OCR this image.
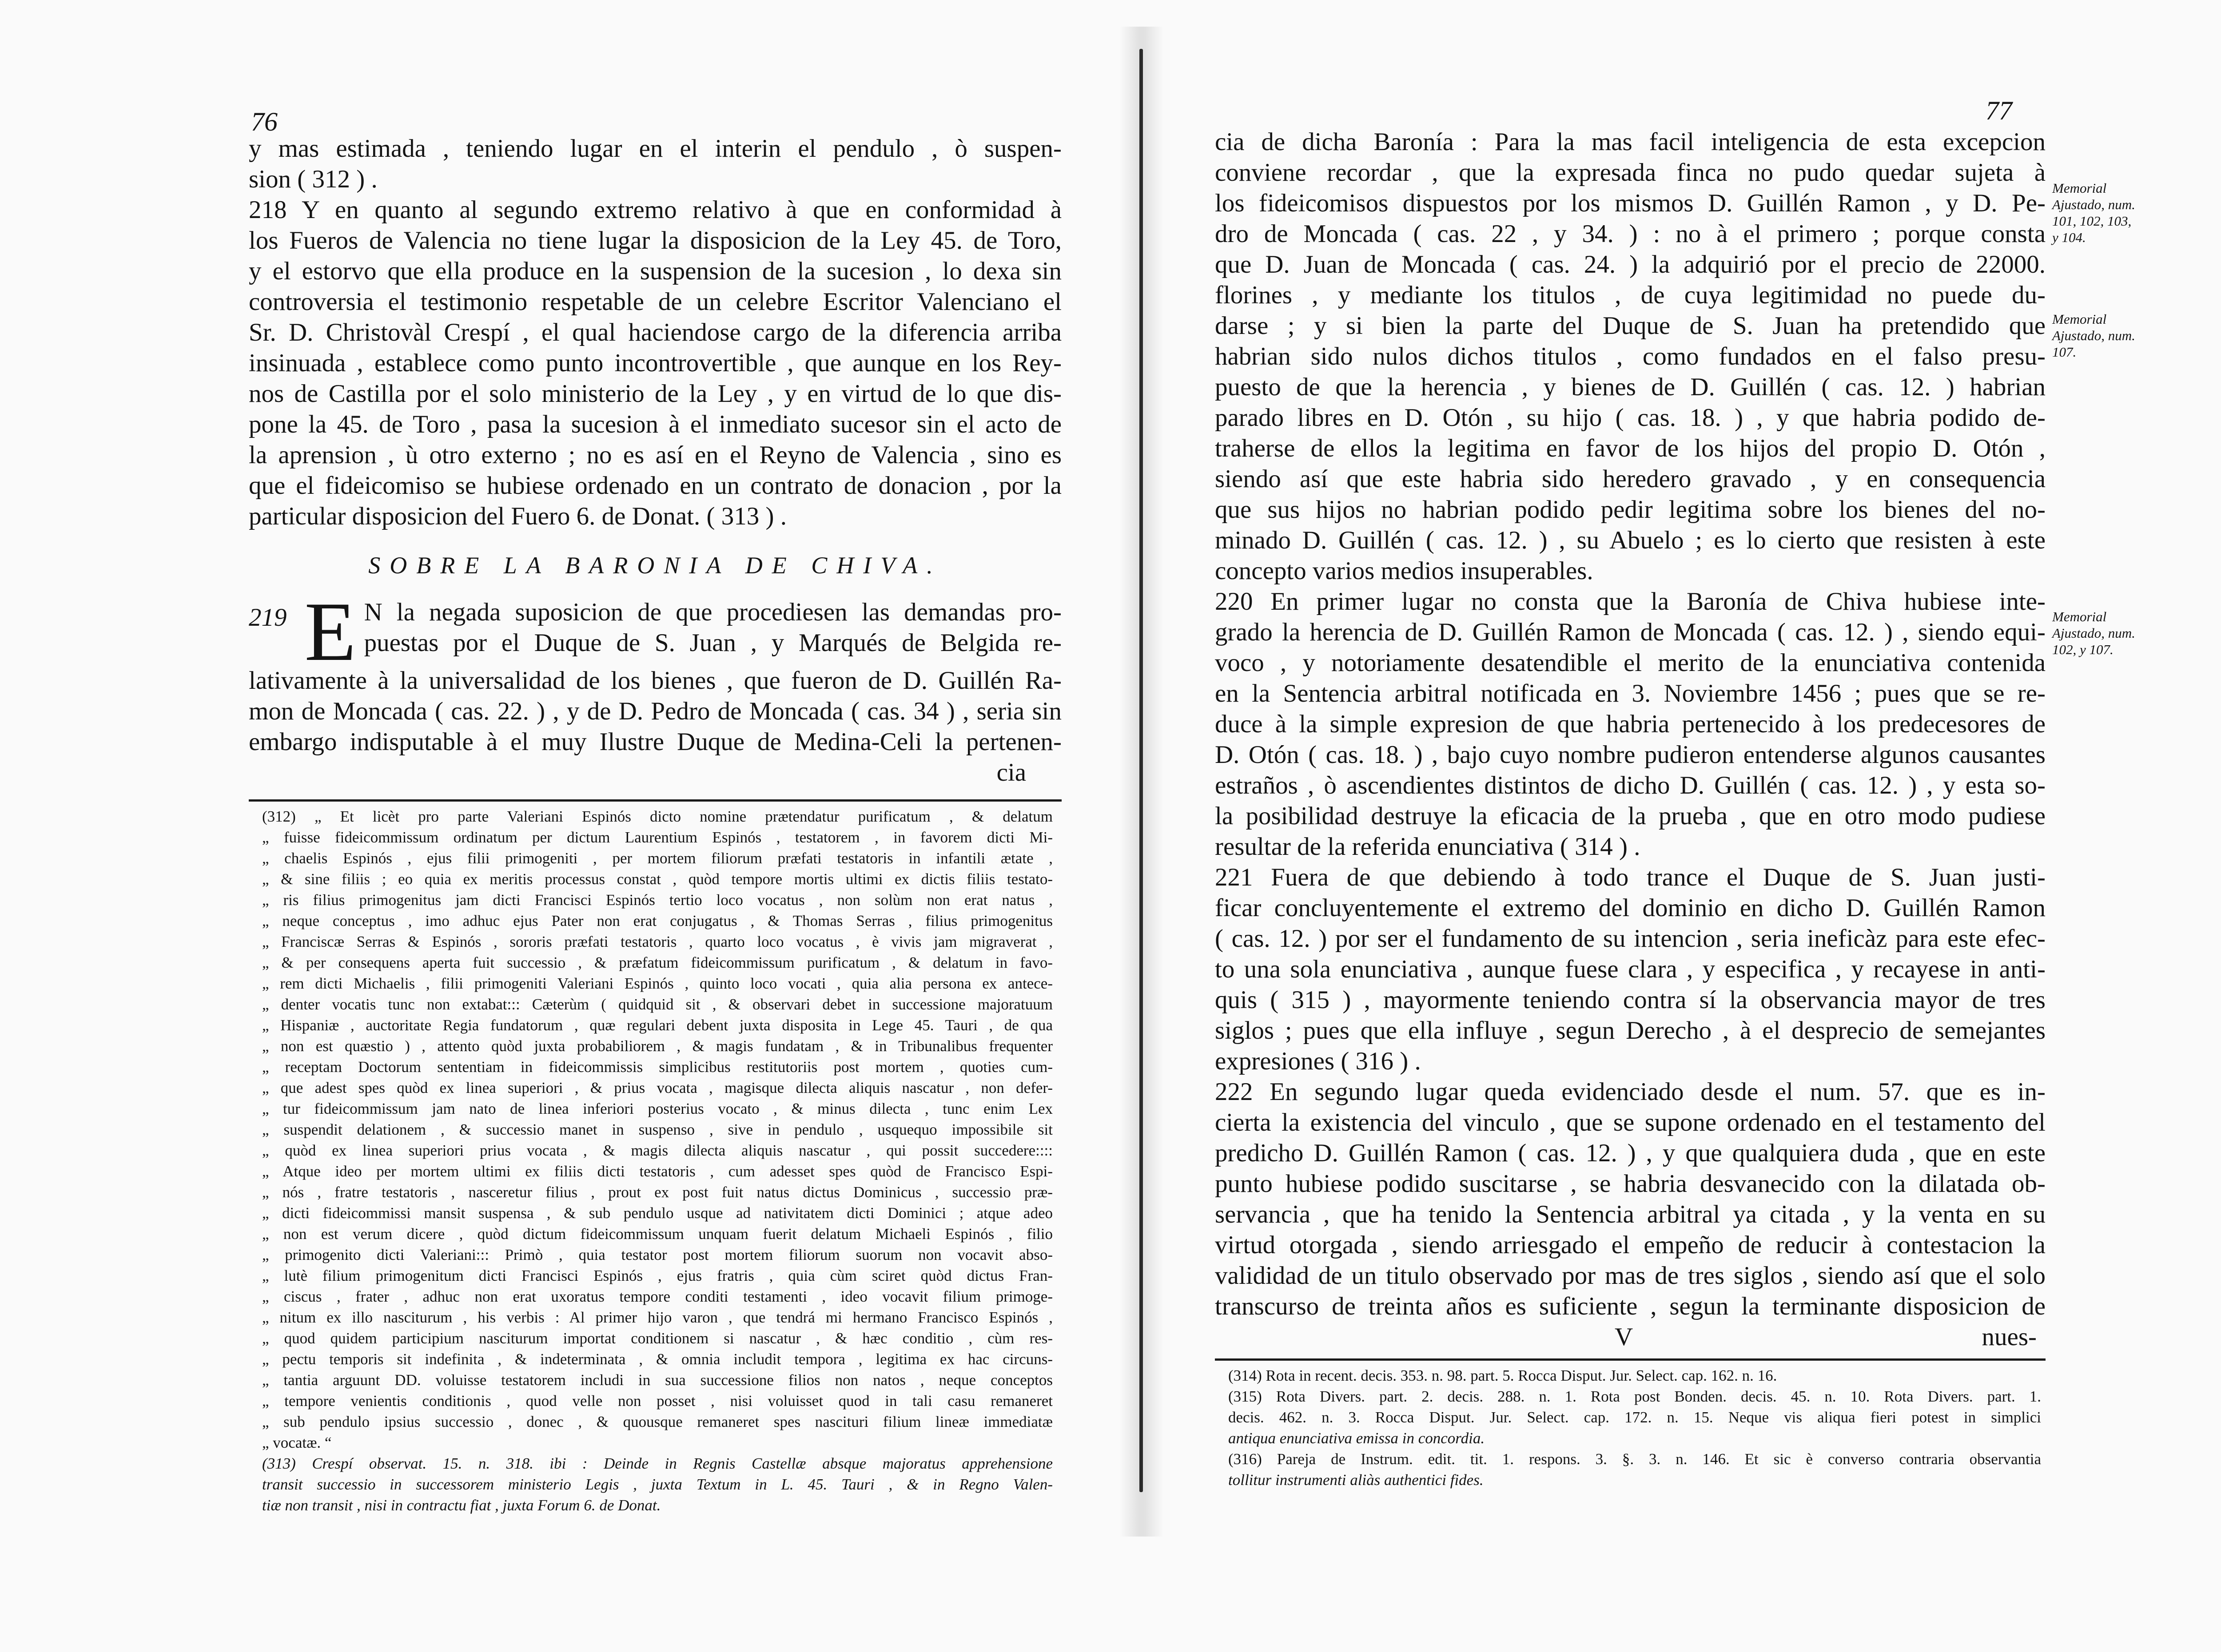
76

y mas estimada , teniendo lugar en el interin el pendulo , ò suspen-
sion ( 312 ) .

218 Y en quanto al segundo extremo relativo à que en conformidad à
los Fueros de Valencia no tiene lugar la disposicion de la Ley 45. de Toro,
y el estorvo que ella produce en la suspension de la sucesion , lo dexa sin
controversia el testimonio respetable de un celebre Escritor Valenciano el
Sr. D. Christovàl Crespí , el qual haciendose cargo de la diferencia arriba
insinuada , establece como punto incontrovertible , que aunque en los Rey-
nos de Castilla por el solo ministerio de la Ley , y en virtud de lo que dis-
pone la 45. de Toro , pasa la sucesion à el inmediato sucesor sin el acto de
la aprension , ù otro externo ; no es así en el Reyno de Valencia , sino es
que el fideicomiso se hubiese ordenado en un contrato de donacion , por la
particular disposicion del Fuero 6. de Donat. ( 313 ) .

SOBRE LA BARONIA DE CHIVA.

219 E N la negada suposicion de que procediesen las demandas pro-
puestas por el Duque de S. Juan , y Marqués de Belgida re-
lativamente à la universalidad de los bienes , que fueron de D. Guillén Ra-
mon de Moncada ( cas. 22. ) , y de D. Pedro de Moncada ( cas. 34 ) , seria sin
embargo indisputable à el muy Ilustre Duque de Medina-Celi la pertenen-
cia

(312) „ Et licèt pro parte Valeriani Espinós dicto nomine prætendatur purificatum , & delatum
„ fuisse fideicommissum ordinatum per dictum Laurentium Espinós , testatorem , in favorem dicti Mi-
„ chaelis Espinós , ejus filii primogeniti , per mortem filiorum præfati testatoris in infantili ætate ,
„ & sine filiis ; eo quia ex meritis processus constat , quòd tempore mortis ultimi ex dictis filiis testato-
„ ris filius primogenitus jam dicti Francisci Espinós tertio loco vocatus , non solùm non erat natus ,
„ neque conceptus , imo adhuc ejus Pater non erat conjugatus , & Thomas Serras , filius primogenitus
„ Franciscæ Serras & Espinós , sororis præfati testatoris , quarto loco vocatus , è vivis jam migraverat ,
„ & per consequens aperta fuit successio , & præfatum fideicommissum purificatum , & delatum in favo-
„ rem dicti Michaelis , filii primogeniti Valeriani Espinós , quinto loco vocati , quia alia persona ex antece-
„ denter vocatis tunc non extabat::: Cæterùm ( quidquid sit , & observari debet in successione majoratuum
„ Hispaniæ , auctoritate Regia fundatorum , quæ regulari debent juxta disposita in Lege 45. Tauri , de qua
„ non est quæstio ) , attento quòd juxta probabiliorem , & magis fundatam , & in Tribunalibus frequenter
„ receptam Doctorum sententiam in fideicommissis simplicibus restitutoriis post mortem , quoties cum-
„ que adest spes quòd ex linea superiori , & prius vocata , magisque dilecta aliquis nascatur , non defer-
„ tur fideicommissum jam nato de linea inferiori posterius vocato , & minus dilecta , tunc enim Lex
„ suspendit delationem , & successio manet in suspenso , sive in pendulo , usquequo impossibile sit
„ quòd ex linea superiori prius vocata , & magis dilecta aliquis nascatur , qui possit succedere::::
„ Atque ideo per mortem ultimi ex filiis dicti testatoris , cum adesset spes quòd de Francisco Espi-
„ nós , fratre testatoris , nasceretur filius , prout ex post fuit natus dictus Dominicus , successio præ-
„ dicti fideicommissi mansit suspensa , & sub pendulo usque ad nativitatem dicti Dominici ; atque adeo
„ non est verum dicere , quòd dictum fideicommissum unquam fuerit delatum Michaeli Espinós , filio
„ primogenito dicti Valeriani::: Primò , quia testator post mortem filiorum suorum non vocavit abso-
„ lutè filium primogenitum dicti Francisci Espinós , ejus fratris , quia cùm sciret quòd dictus Fran-
„ ciscus , frater , adhuc non erat uxoratus tempore conditi testamenti , ideo vocavit filium primoge-
„ nitum ex illo nasciturum , his verbis : Al primer hijo varon , que tendrá mi hermano Francisco Espinós ,
„ quod quidem participium nasciturum importat conditionem si nascatur , & hæc conditio , cùm res-
„ pectu temporis sit indefinita , & indeterminata , & omnia includit tempora , legitima ex hac circuns-
„ tantia arguunt DD. voluisse testatorem includi in sua successione filios non natos , neque conceptos
„ tempore venientis conditionis , quod velle non posset , nisi voluisset quod in tali casu remaneret
„ sub pendulo ipsius successio , donec , & quousque remaneret spes nascituri filium lineæ immediatæ
„ vocatæ. “
(313) Crespí observat. 15. n. 318. ibi : Deinde in Regnis Castellæ absque majoratus apprehensione
transit successio in successorem ministerio Legis , juxta Textum in L. 45. Tauri , & in Regno Valen-
tiæ non transit , nisi in contractu fiat , juxta Forum 6. de Donat.
77

cia de dicha Baronía : Para la mas facil inteligencia de esta excepcion
conviene recordar , que la expresada finca no pudo quedar sujeta à
los fideicomisos dispuestos por los mismos D. Guillén Ramon , y D. Pe-
dro de Moncada ( cas. 22 , y 34. ) : no à el primero ; porque consta
que D. Juan de Moncada ( cas. 24. ) la adquirió por el precio de 22000.
florines , y mediante los titulos , de cuya legitimidad no puede du-
darse ; y si bien la parte del Duque de S. Juan ha pretendido que
habrian sido nulos dichos titulos , como fundados en el falso presu-
puesto de que la herencia , y bienes de D. Guillén ( cas. 12. ) habrian
parado libres en D. Otón , su hijo ( cas. 18. ) , y que habria podido de-
traherse de ellos la legitima en favor de los hijos del propio D. Otón ,
siendo así que este habria sido heredero gravado , y en consequencia
que sus hijos no habrian podido pedir legitima sobre los bienes del no-
minado D. Guillén ( cas. 12. ) , su Abuelo ; es lo cierto que resisten à este
concepto varios medios insuperables.

220 En primer lugar no consta que la Baronía de Chiva hubiese inte-
grado la herencia de D. Guillén Ramon de Moncada ( cas. 12. ) , siendo equi-
voco , y notoriamente desatendible el merito de la enunciativa contenida
en la Sentencia arbitral notificada en 3. Noviembre 1456 ; pues que se re-
duce à la simple expresion de que habria pertenecido à los predecesores de
D. Otón ( cas. 18. ) , bajo cuyo nombre pudieron entenderse algunos causantes
estraños , ò ascendientes distintos de dicho D. Guillén ( cas. 12. ) , y esta so-
la posibilidad destruye la eficacia de la prueba , que en otro modo pudiese
resultar de la referida enunciativa ( 314 ) .

221 Fuera de que debiendo à todo trance el Duque de S. Juan justi-
ficar concluyentemente el extremo del dominio en dicho D. Guillén Ramon
( cas. 12. ) por ser el fundamento de su intencion , seria ineficàz para este efec-
to una sola enunciativa , aunque fuese clara , y especifica , y recayese in anti-
quis ( 315 ) , mayormente teniendo contra sí la observancia mayor de tres
siglos ; pues que ella influye , segun Derecho , à el desprecio de semejantes
expresiones ( 316 ) .

222 En segundo lugar queda evidenciado desde el num. 57. que es in-
cierta la existencia del vinculo , que se supone ordenado en el testamento del
predicho D. Guillén Ramon ( cas. 12. ) , y que qualquiera duda , que en este
punto hubiese podido suscitarse , se habria desvanecido con la dilatada ob-
servancia , que ha tenido la Sentencia arbitral ya citada , y la venta en su
virtud otorgada , siendo arriesgado el empeño de reducir à contestacion la
valididad de un titulo observado por mas de tres siglos , siendo así que el solo
transcurso de treinta años es suficiente , segun la terminante disposicion de

V	nues-
(314) Rota in recent. decis. 353. n. 98. part. 5. Rocca Disput. Jur. Select. cap. 162. n. 16.
(315) Rota Divers. part. 2. decis. 288. n. 1. Rota post Bonden. decis. 45. n. 10. Rota Divers. part. 1.
decis. 462. n. 3. Rocca Disput. Jur. Select. cap. 172. n. 15. Neque vis aliqua fieri potest in simplici
antiqua enunciativa emissa in concordia.
(316) Pareja de Instrum. edit. tit. 1. respons. 3. §. 3. n. 146. Et sic è converso contraria observantia
tollitur instrumenti aliàs authentici fides.
Memorial Ajustado, num. 101, 102, 103, y 104.
Memorial Ajustado, num. 107.
Memorial Ajustado, num. 102, y 107.
